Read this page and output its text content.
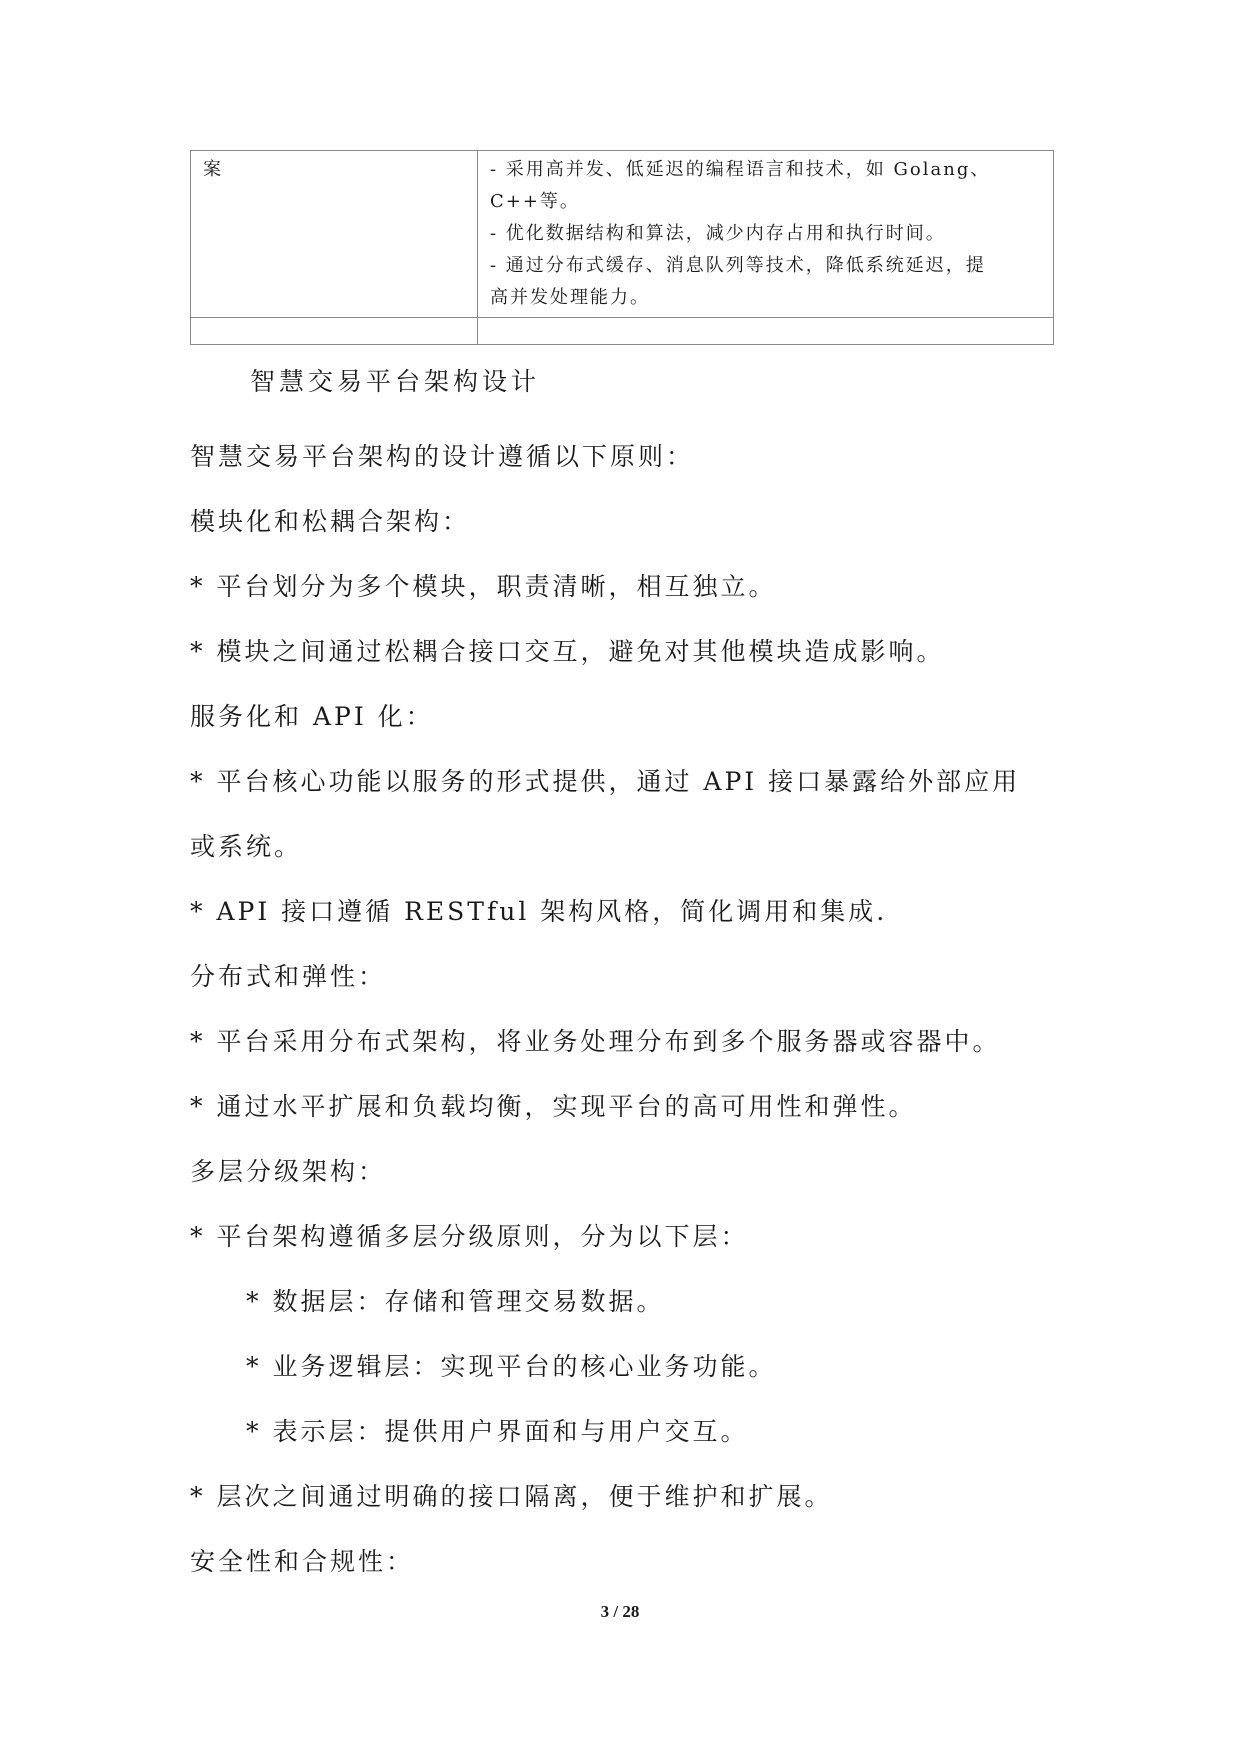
案	- 采用高并发、低延迟的编程语言和技术，如 Golang、
C++等。
- 优化数据结构和算法，减少内存占用和执行时间。
- 通过分布式缓存、消息队列等技术，降低系统延迟，提
高并发处理能力。

智慧交易平台架构设计

智慧交易平台架构的设计遵循以下原则：

模块化和松耦合架构：

* 平台划分为多个模块，职责清晰，相互独立。

* 模块之间通过松耦合接口交互，避免对其他模块造成影响。

服务化和 API 化：

* 平台核心功能以服务的形式提供，通过 API 接口暴露给外部应用

或系统。

* API 接口遵循 RESTful 架构风格，简化调用和集成.

分布式和弹性：

* 平台采用分布式架构，将业务处理分布到多个服务器或容器中。

* 通过水平扩展和负载均衡，实现平台的高可用性和弹性。

多层分级架构：

* 平台架构遵循多层分级原则，分为以下层：

* 数据层：存储和管理交易数据。

* 业务逻辑层：实现平台的核心业务功能。

* 表示层：提供用户界面和与用户交互。

* 层次之间通过明确的接口隔离，便于维护和扩展。

安全性和合规性：

3 / 28
